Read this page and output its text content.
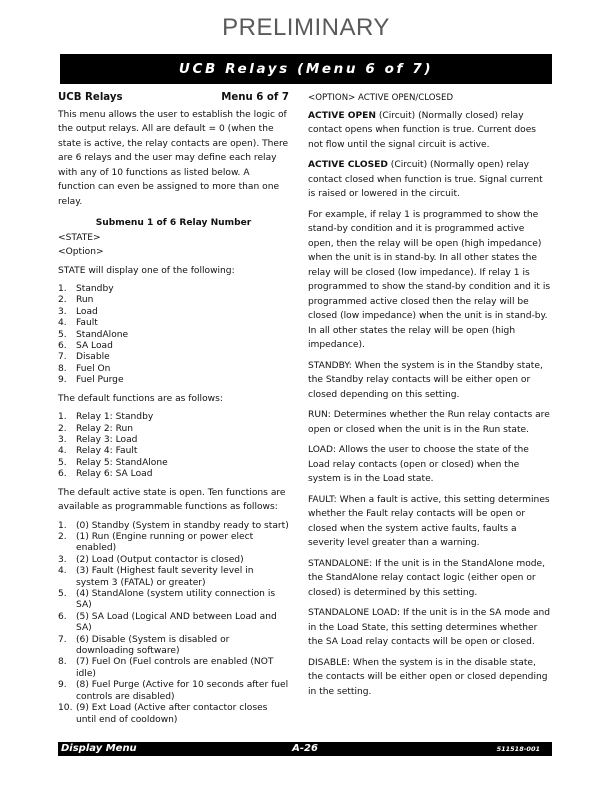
PRELIMINARY
UCB Relays (Menu 6 of 7)
UCB Relays	Menu 6 of 7

This menu allows the user to establish the logic of the output relays. All are default = 0 (when the state is active, the relay contacts are open). There are 6 relays and the user may define each relay with any of 10 functions as listed below. A function can even be assigned to more than one relay.

Submenu 1 of 6 Relay Number
<STATE>
<Option>

STATE will display one of the following:

1.	Standby
2.	Run
3.	Load
4.	Fault
5.	StandAlone
6.	SA Load
7.	Disable
8.	Fuel On
9.	Fuel Purge

The default functions are as follows:

1.	Relay 1: Standby
2.	Relay 2: Run
3.	Relay 3: Load
4.	Relay 4: Fault
5.	Relay 5: StandAlone
6.	Relay 6: SA Load

The default active state is open. Ten functions are available as programmable functions as follows:

1.	(0) Standby (System in standby ready to start)
2.	(1) Run (Engine running or power elect enabled)
3.	(2) Load (Output contactor is closed)
4.	(3) Fault (Highest fault severity level in system 3 (FATAL) or greater)
5.	(4) StandAlone (system utility connection is SA)
6.	(5) SA Load (Logical AND between Load and SA)
7.	(6) Disable (System is disabled or downloading software)
8.	(7) Fuel On (Fuel controls are enabled (NOT idle)
9.	(8) Fuel Purge (Active for 10 seconds after fuel controls are disabled)
10. (9) Ext Load (Active after contactor closes until end of cooldown)
<OPTION> ACTIVE OPEN/CLOSED

ACTIVE OPEN (Circuit) (Normally closed) relay contact opens when function is true. Current does not flow until the signal circuit is active.

ACTIVE CLOSED (Circuit) (Normally open) relay contact closed when function is true. Signal current is raised or lowered in the circuit.

For example, if relay 1 is programmed to show the stand-by condition and it is programmed active open, then the relay will be open (high impedance) when the unit is in stand-by. In all other states the relay will be closed (low impedance). If relay 1 is programmed to show the stand-by condition and it is programmed active closed then the relay will be closed (low impedance) when the unit is in stand-by. In all other states the relay will be open (high impedance).

STANDBY: When the system is in the Standby state, the Standby relay contacts will be either open or closed depending on this setting.

RUN: Determines whether the Run relay contacts are open or closed when the unit is in the Run state.

LOAD: Allows the user to choose the state of the Load relay contacts (open or closed) when the system is in the Load state.

FAULT: When a fault is active, this setting determines whether the Fault relay contacts will be open or closed when the system active faults, faults a severity level greater than a warning.

STANDALONE: If the unit is in the StandAlone mode, the StandAlone relay contact logic (either open or closed) is determined by this setting.

STANDALONE LOAD: If the unit is in the SA mode and in the Load State, this setting determines whether the SA Load relay contacts will be open or closed.

DISABLE: When the system is in the disable state, the contacts will be either open or closed depending in the setting.

Display Menu	A-26	511518-001
